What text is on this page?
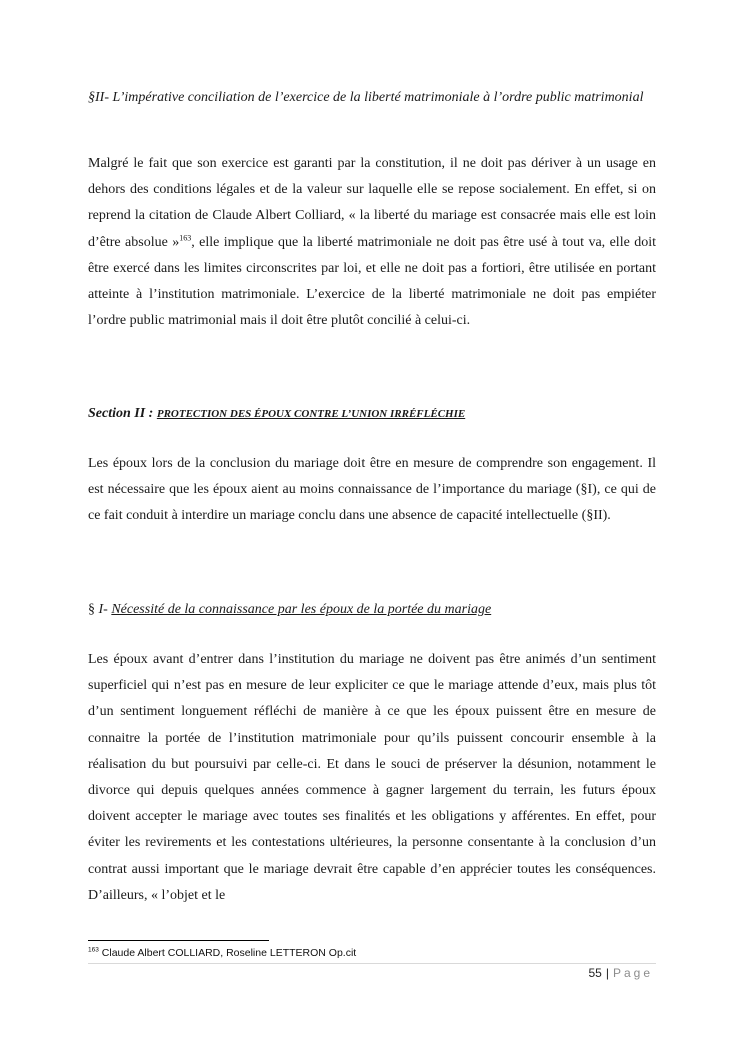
§II- L’impérative conciliation de l’exercice de la liberté matrimoniale à l’ordre public matrimonial

Malgré le fait que son exercice est garanti par la constitution, il ne doit pas dériver à un usage en dehors des conditions légales et de la valeur sur laquelle elle se repose socialement. En effet, si on reprend la citation de Claude Albert Colliard, « la liberté du mariage est consacrée mais elle est loin d’être absolue »$^{163}$, elle implique que la liberté matrimoniale ne doit pas être usé à tout va, elle doit être exercé dans les limites circonscrites par loi, et elle ne doit pas a fortiori, être utilisée en portant atteinte à l’institution matrimoniale. L’exercice de la liberté matrimoniale ne doit pas empiéter l’ordre public matrimonial mais il doit être plutôt concilié à celui-ci.

Section II : PROTECTION DES ÉPOUX CONTRE L’UNION IRRÉFLÉCHIE

Les époux lors de la conclusion du mariage doit être en mesure de comprendre son engagement. Il est nécessaire que les époux aient au moins connaissance de l’importance du mariage (§I), ce qui de ce fait conduit à interdire un mariage conclu dans une absence de capacité intellectuelle (§II).

§ I- Nécessité de la connaissance par les époux de la portée du mariage

Les époux avant d’entrer dans l’institution du mariage ne doivent pas être animés d’un sentiment superficiel qui n’est pas en mesure de leur expliciter ce que le mariage attende d’eux, mais plus tôt d’un sentiment longuement réfléchi de manière à ce que les époux puissent être en mesure de connaitre la portée de l’institution matrimoniale pour qu’ils puissent concourir ensemble à la réalisation du but poursuivi par celle-ci. Et dans le souci de préserver la désunion, notamment le divorce qui depuis quelques années commence à gagner largement du terrain, les futurs époux doivent accepter le mariage avec toutes ses finalités et les obligations y afférentes. En effet, pour éviter les revirements et les contestations ultérieures, la personne consentante à la conclusion d’un contrat aussi important que le mariage devrait être capable d’en apprécier toutes les conséquences. D’ailleurs, « l’objet et le

$^{163}$ Claude Albert COLLIARD, Roseline LETTERON Op.cit
55 | Page
